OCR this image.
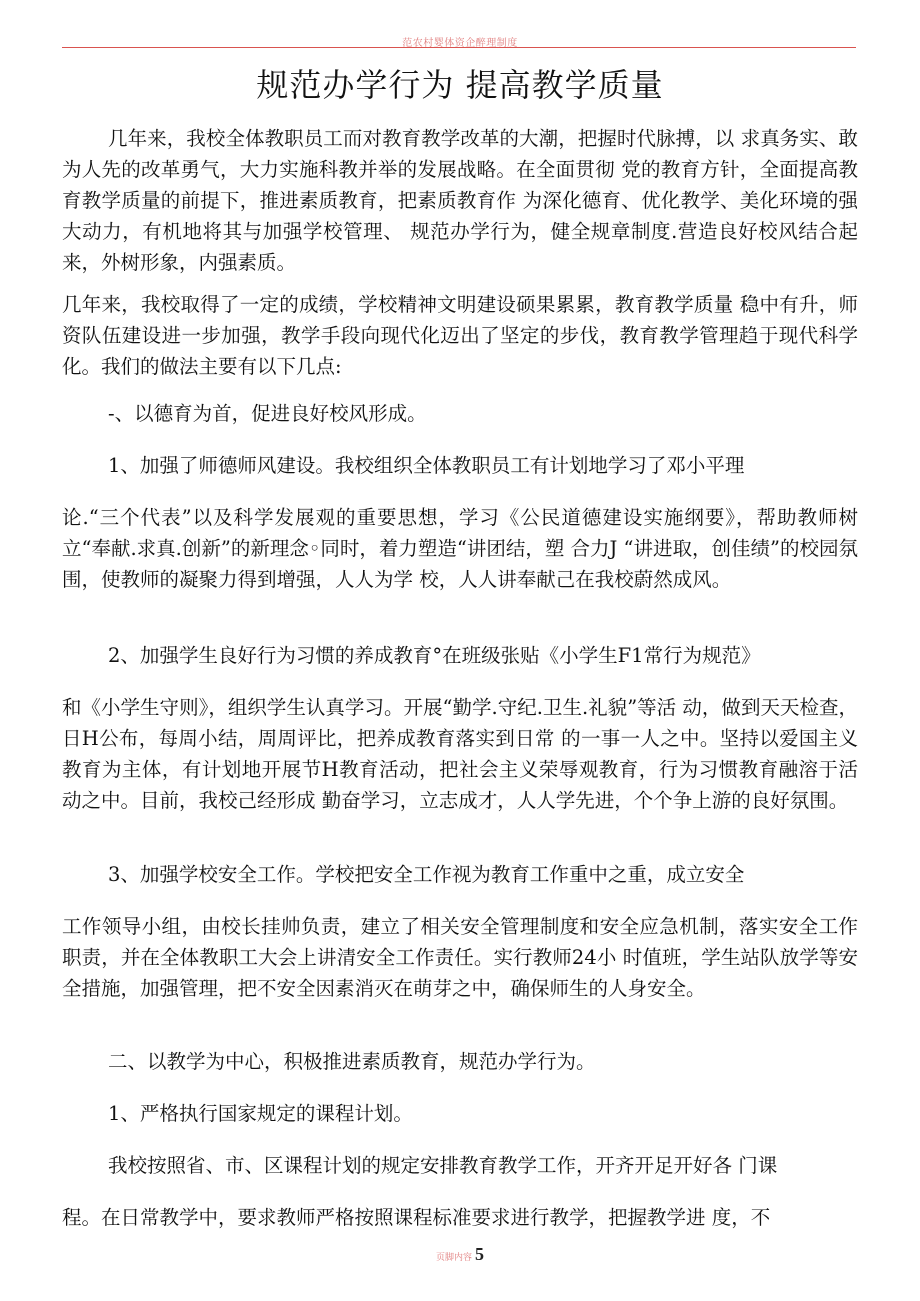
范农村婴体资企醉理制度
规范办学行为 提高教学质量

几年来，我校全体教职员工而对教育教学改革的大潮，把握时代脉搏，以 求真务实、敢为人先的改革勇气，大力实施科教并举的发展战略。在全面贯彻 党的教育方针，全面提高教育教学质量的前提下，推进素质教育，把素质教育作 为深化德育、优化教学、美化环境的强大动力，有机地将其与加强学校管理、 规范办学行为，健全规章制度.营造良好校风结合起来，外树形象，内强素质。

几年来，我校取得了一定的成绩，学校精神文明建设硕果累累，教育教学质量 稳中有升，师资队伍建设进一步加强，教学手段向现代化迈出了坚定的步伐，教育教学管理趋于现代科学化。我们的做法主要有以下几点:

-、以德育为首，促进良好校风形成。

1、加强了师德师风建设。我校组织全体教职员工有计划地学习了邓小平理

论.“三个代表”以及科学发展观的重要思想，学习《公民道德建设实施纲要》，帮助教师树立“奉献.求真.创新”的新理念◦同时，着力塑造“讲团结，塑 合力J “讲进取，创佳绩”的校园氛围，使教师的凝聚力得到增强，人人为学 校，人人讲奉献己在我校蔚然成风。

2、加强学生良好行为习惯的养成教育°在班级张贴《小学生F1常行为规范》

和《小学生守则》，组织学生认真学习。开展“勤学.守纪.卫生.礼貌”等活 动，做到天天检查，日H公布，每周小结，周周评比，把养成教育落实到日常 的一事一人之中。坚持以爱国主义教育为主体，有计划地开展节H教育活动，把社会主义荣辱观教育，行为习惯教育融溶于活动之中。目前，我校己经形成 勤奋学习，立志成才，人人学先进，个个争上游的良好氛围。

3、加强学校安全工作。学校把安全工作视为教育工作重中之重，成立安全

工作领导小组，由校长挂帅负责，建立了相关安全管理制度和安全应急机制，落实安全工作职责，并在全体教职工大会上讲清安全工作责任。实行教师24小 时值班，学生站队放学等安全措施，加强管理，把不安全因素消灭在萌芽之中，确保师生的人身安全。

二、以教学为中心，积极推进素质教育，规范办学行为。

1、严格执行国家规定的课程计划。

我校按照省、市、区课程计划的规定安排教育教学工作，开齐开足开好各 门课

程。在日常教学中，要求教师严格按照课程标准要求进行教学，把握教学进 度，不

页脚内容 5
